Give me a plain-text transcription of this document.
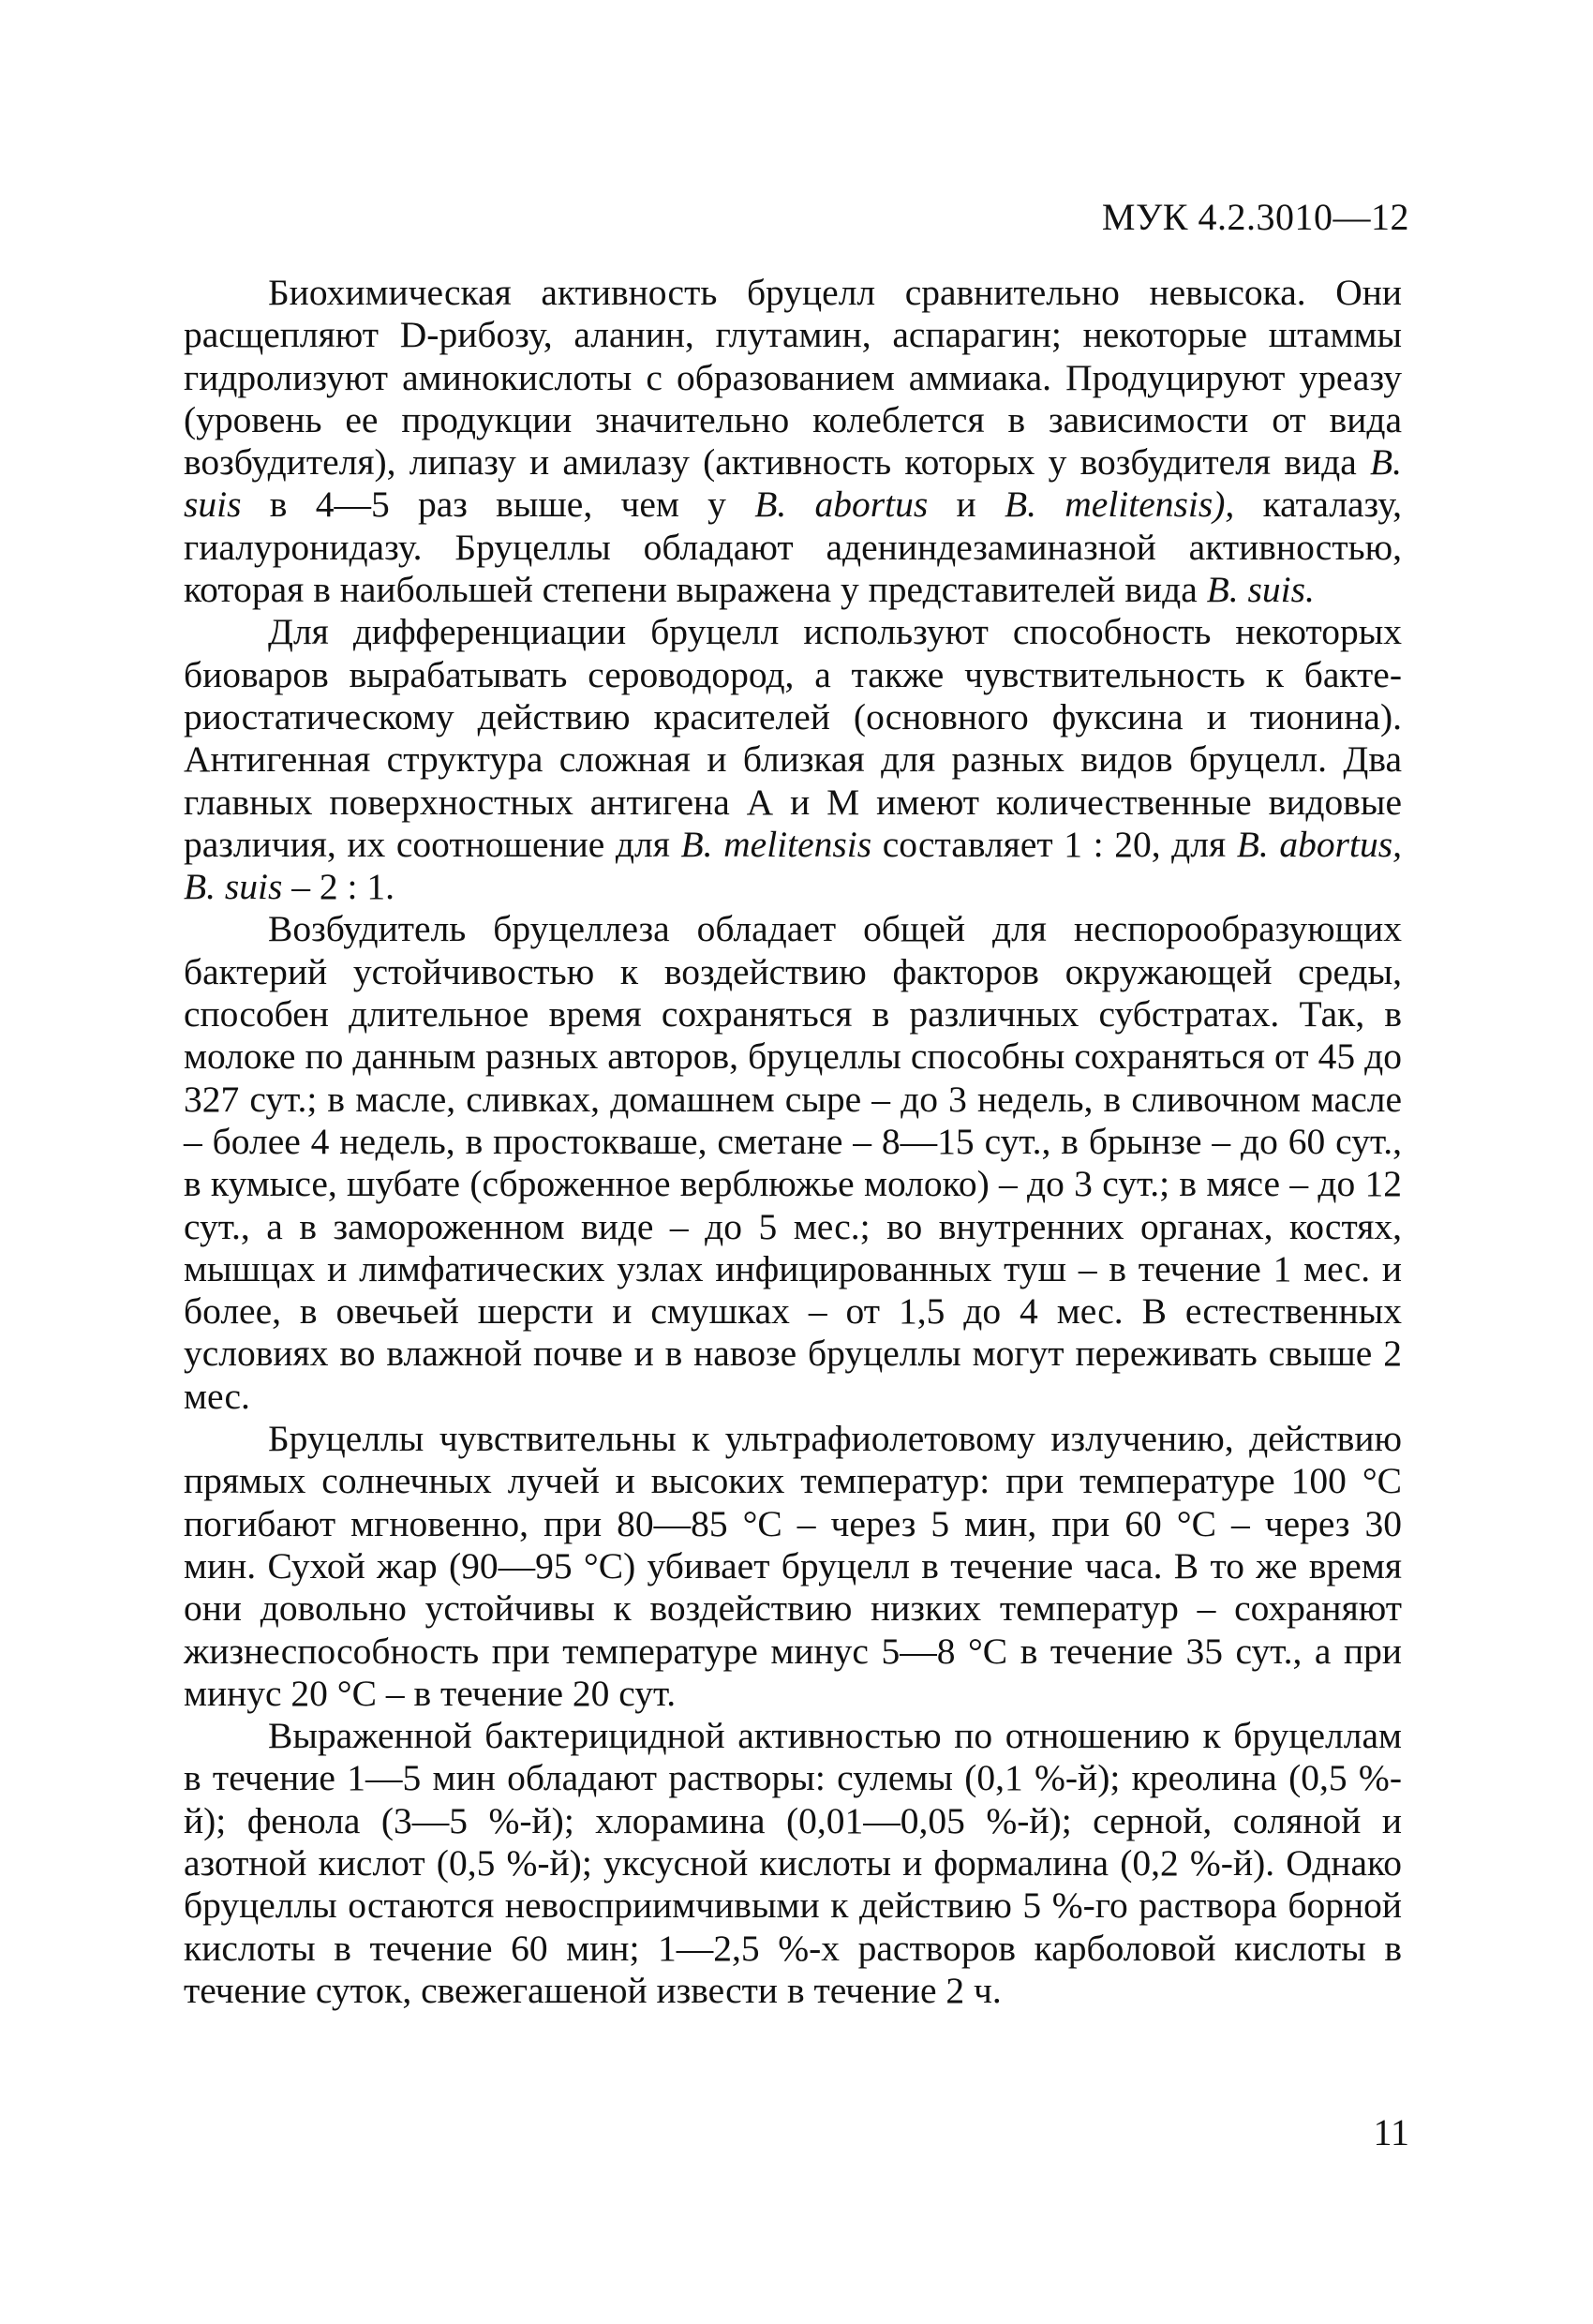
МУК 4.2.3010—12

Биохимическая активность бруцелл сравнительно невысока. Они расщепляют D-рибозу, аланин, глутамин, аспарагин; некоторые штаммы гидролизуют аминокислоты с образованием аммиака. Продуцируют уреазу (уровень ее продукции значительно колеблется в зависимости от вида возбудителя), липазу и амилазу (активность которых у возбудителя вида B. suis в 4—5 раз выше, чем у B. abortus и B. melitensis), каталазу, гиалуронидазу. Бруцеллы обладают адениндезаминазной активностью, которая в наибольшей степени выражена у представителей вида B. suis.

Для дифференциации бруцелл используют способность некоторых биоваров вырабатывать сероводород, а также чувствительность к бактериостатическому действию красителей (основного фуксина и тионина). Антигенная структура сложная и близкая для разных видов бруцелл. Два главных поверхностных антигена А и М имеют количественные видовые различия, их соотношение для B. melitensis составляет 1 : 20, для B. abortus, B. suis – 2 : 1.

Возбудитель бруцеллеза обладает общей для неспорообразующих бактерий устойчивостью к воздействию факторов окружающей среды, способен длительное время сохраняться в различных субстратах. Так, в молоке по данным разных авторов, бруцеллы способны сохраняться от 45 до 327 сут.; в масле, сливках, домашнем сыре – до 3 недель, в сливочном масле – более 4 недель, в простокваше, сметане – 8—15 сут., в брынзе – до 60 сут., в кумысе, шубате (сброженное верблюжье молоко) – до 3 сут.; в мясе – до 12 сут., а в замороженном виде – до 5 мес.; во внутренних органах, костях, мышцах и лимфатических узлах инфицированных туш – в течение 1 мес. и более, в овечьей шерсти и смушках – от 1,5 до 4 мес. В естественных условиях во влажной почве и в навозе бруцеллы могут переживать свыше 2 мес.

Бруцеллы чувствительны к ультрафиолетовому излучению, действию прямых солнечных лучей и высоких температур: при температуре 100 °С погибают мгновенно, при 80—85 °С – через 5 мин, при 60 °С – через 30 мин. Сухой жар (90—95 °С) убивает бруцелл в течение часа. В то же время они довольно устойчивы к воздействию низких температур – сохраняют жизнеспособность при температуре минус 5—8 °С в течение 35 сут., а при минус 20 °С – в течение 20 сут.

Выраженной бактерицидной активностью по отношению к бруцеллам в течение 1—5 мин обладают растворы: сулемы (0,1 %-й); креолина (0,5 %-й); фенола (3—5 %-й); хлорамина (0,01—0,05 %-й); серной, соляной и азотной кислот (0,5 %-й); уксусной кислоты и формалина (0,2 %-й). Однако бруцеллы остаются невосприимчивыми к действию 5 %-го раствора борной кислоты в течение 60 мин; 1—2,5 %-х растворов карболовой кислоты в течение суток, свежегашеной извести в течение 2 ч.

11
